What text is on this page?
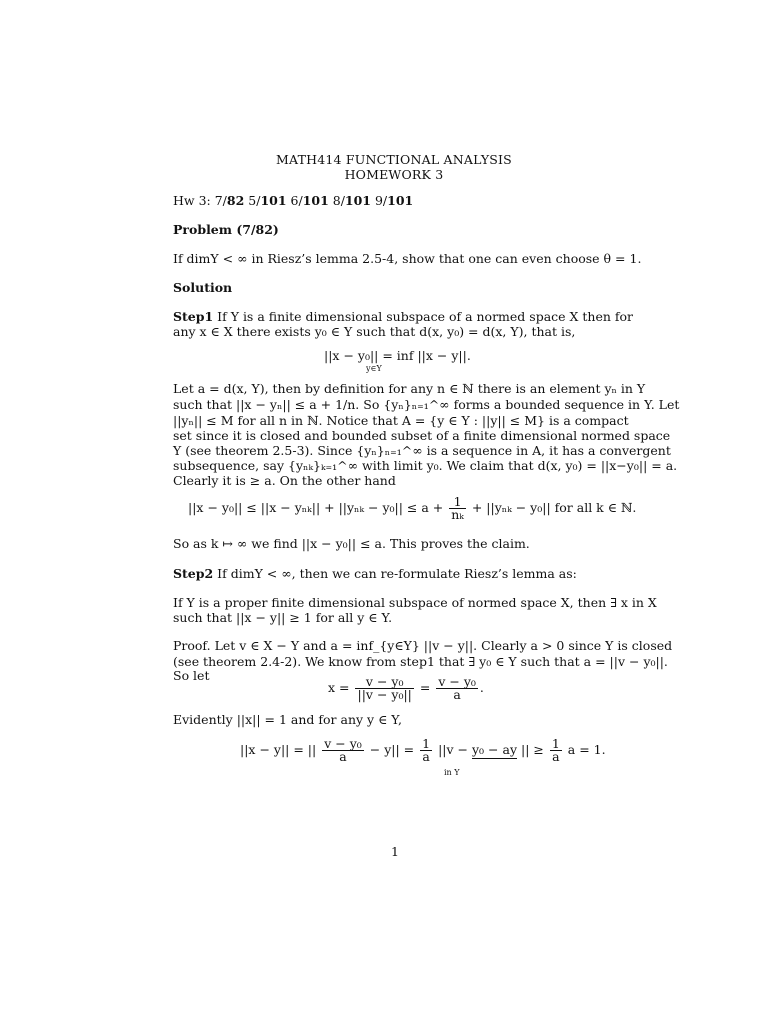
MATH414 FUNCTIONAL ANALYSIS
HOMEWORK 3
Hw 3: 7/82 5/101 6/101 8/101 9/101
Problem (7/82)
If dimY < ∞ in Riesz’s lemma 2.5-4, show that one can even choose θ = 1.
Solution
Step1 If Y is a finite dimensional subspace of a normed space X then for
any x ∈ X there exists y₀ ∈ Y such that d(x, y₀) = d(x, Y), that is,
||x − y₀|| = inf ||x − y||.
y∈Y
Let a = d(x, Y), then by definition for any n ∈ ℕ there is an element yₙ in Y
such that ||x − yₙ|| ≤ a + 1/n. So {yₙ}ₙ₌₁^∞ forms a bounded sequence in Y. Let
||yₙ|| ≤ M for all n in ℕ. Notice that A = {y ∈ Y : ||y|| ≤ M} is a compact
set since it is closed and bounded subset of a finite dimensional normed space
Y (see theorem 2.5-3). Since {yₙ}ₙ₌₁^∞ is a sequence in A, it has a convergent
subsequence, say {yₙₖ}ₖ₌₁^∞ with limit y₀. We claim that d(x, y₀) = ||x−y₀|| = a.
Clearly it is ≥ a. On the other hand
$||x - y_0|| \le ||x - y_{nk}|| + ||y_{nk} - y_0|| \le a + \frac{1}{\text{nₖ}} + ||y_{nk} - y_0||$ for all k ∈ ℕ.
So as k ↦ ∞ we find ||x − y₀|| ≤ a. This proves the claim.
Step2 If dimY < ∞, then we can re-formulate Riesz’s lemma as:
If Y is a proper finite dimensional subspace of normed space X, then ∃ x in X
such that ||x − y|| ≥ 1 for all y ∈ Y.
Proof. Let v ∈ X − Y and a = inf_{y∈Y} ||v − y||. Clearly a > 0 since Y is closed
(see theorem 2.4-2). We know from step1 that ∃ y₀ ∈ Y such that a = ||v − y₀||.
So let
$x = \frac{\text{v − y₀}}{\text{||v − y₀||}} = \frac{\text{v − y₀}}{a}$ .
Evidently ||x|| = 1 and for any y ∈ Y,
||x − y|| = || $\frac{\text{v − y₀}}{a} - y|| = \frac{1}{a} ||v - y_0$ − ay || ≥ $\frac{1}{a}$ a = 1.
in Y
1
